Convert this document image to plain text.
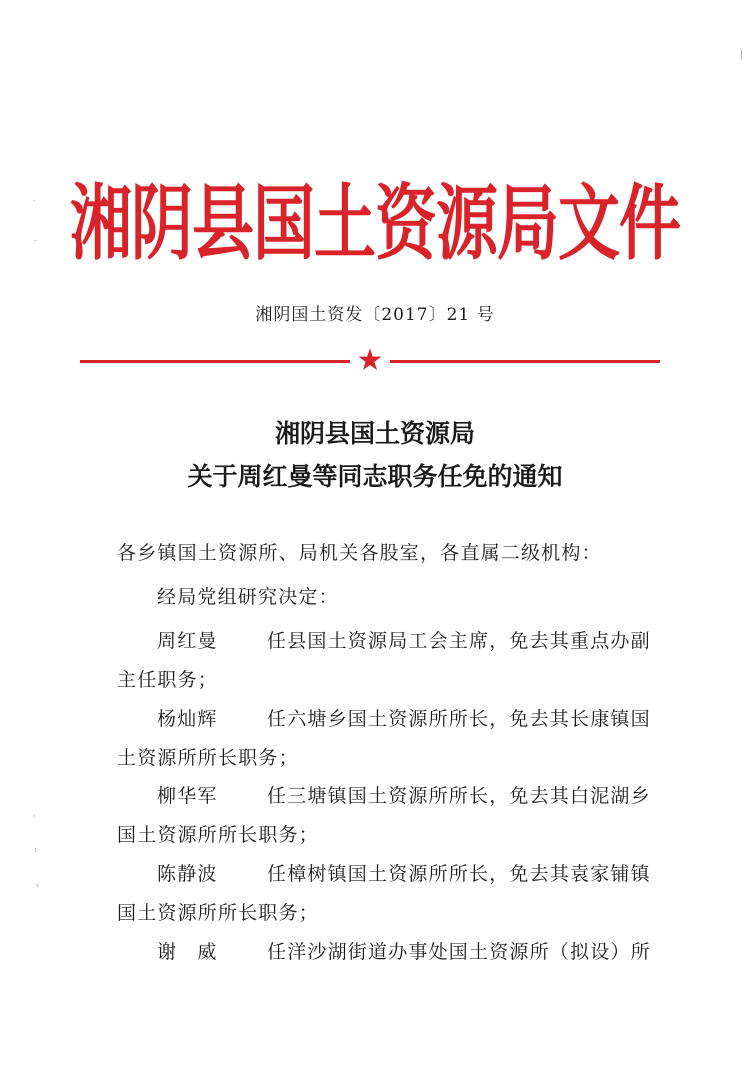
湘阴县国土资源局文件
湘阴国土资发〔2017〕21 号
★
湘阴县国土资源局
关于周红曼等同志职务任免的通知
各乡镇国土资源所、局机关各股室，各直属二级机构：
经局党组研究决定：
周红曼	任县国土资源局工会主席，免去其重点办副
主任职务；
杨灿辉	任六塘乡国土资源所所长，免去其长康镇国
土资源所所长职务；
柳华军	任三塘镇国土资源所所长，免去其白泥湖乡
国土资源所所长职务；
陈静波	任樟树镇国土资源所所长，免去其袁家铺镇
国土资源所所长职务；
谢　威	任洋沙湖街道办事处国土资源所（拟设）所
˙
⁻
·
:
ᵥ
|
